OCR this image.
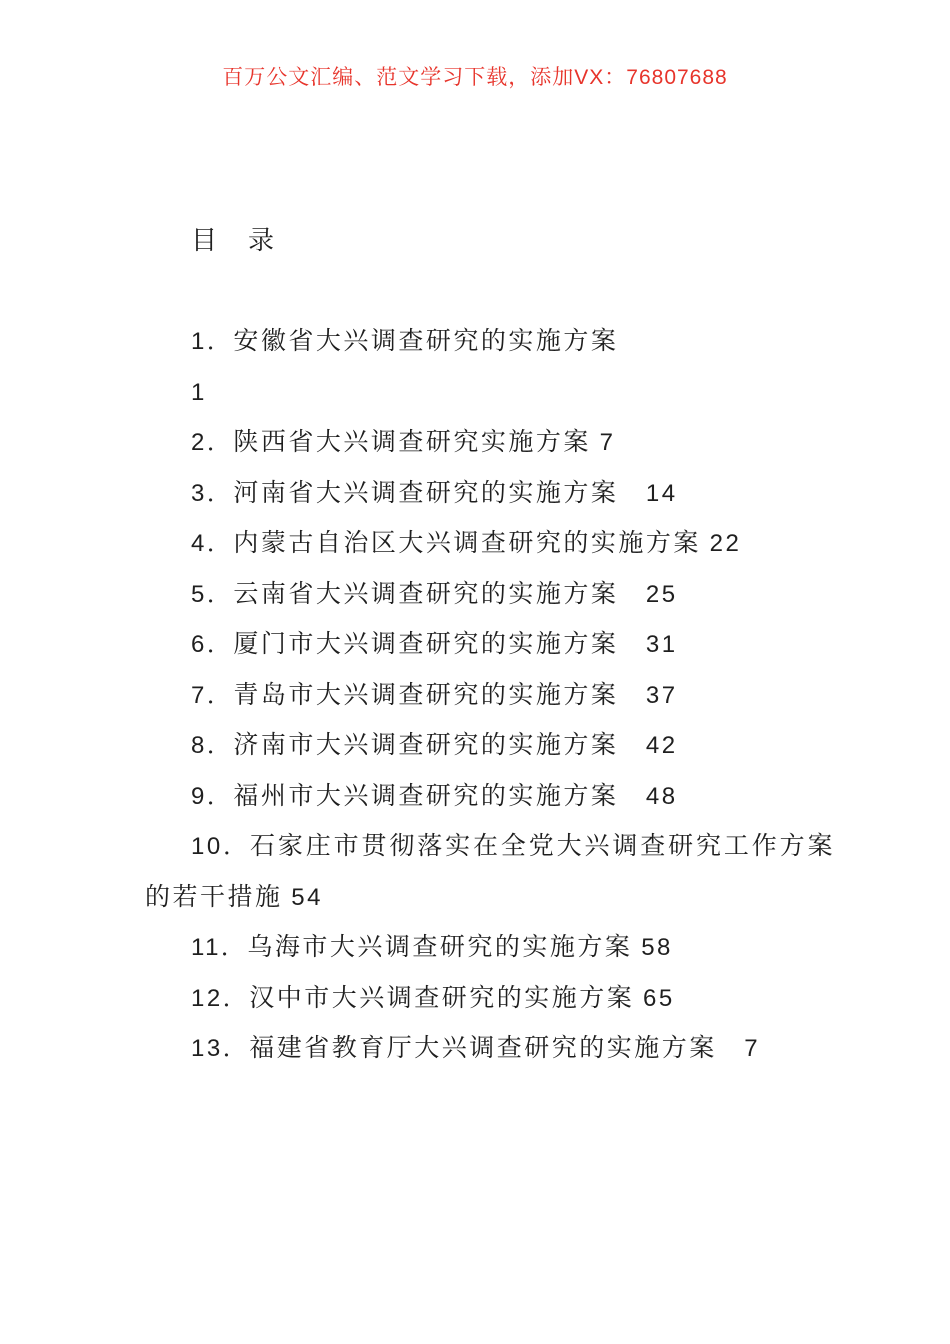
百万公文汇编、范文学习下载，添加VX：76807688

目　录

1．安徽省大兴调查研究的实施方案

1

2．陕西省大兴调查研究实施方案 7

3．河南省大兴调查研究的实施方案　 14

4．内蒙古自治区大兴调查研究的实施方案 22

5．云南省大兴调查研究的实施方案　 25

6．厦门市大兴调查研究的实施方案　 31

7．青岛市大兴调查研究的实施方案　 37

8．济南市大兴调查研究的实施方案　 42

9．福州市大兴调查研究的实施方案　 48

10．石家庄市贯彻落实在全党大兴调查研究工作方案的若干措施 54

11．乌海市大兴调查研究的实施方案 58

12．汉中市大兴调查研究的实施方案 65

13．福建省教育厅大兴调查研究的实施方案　 7
